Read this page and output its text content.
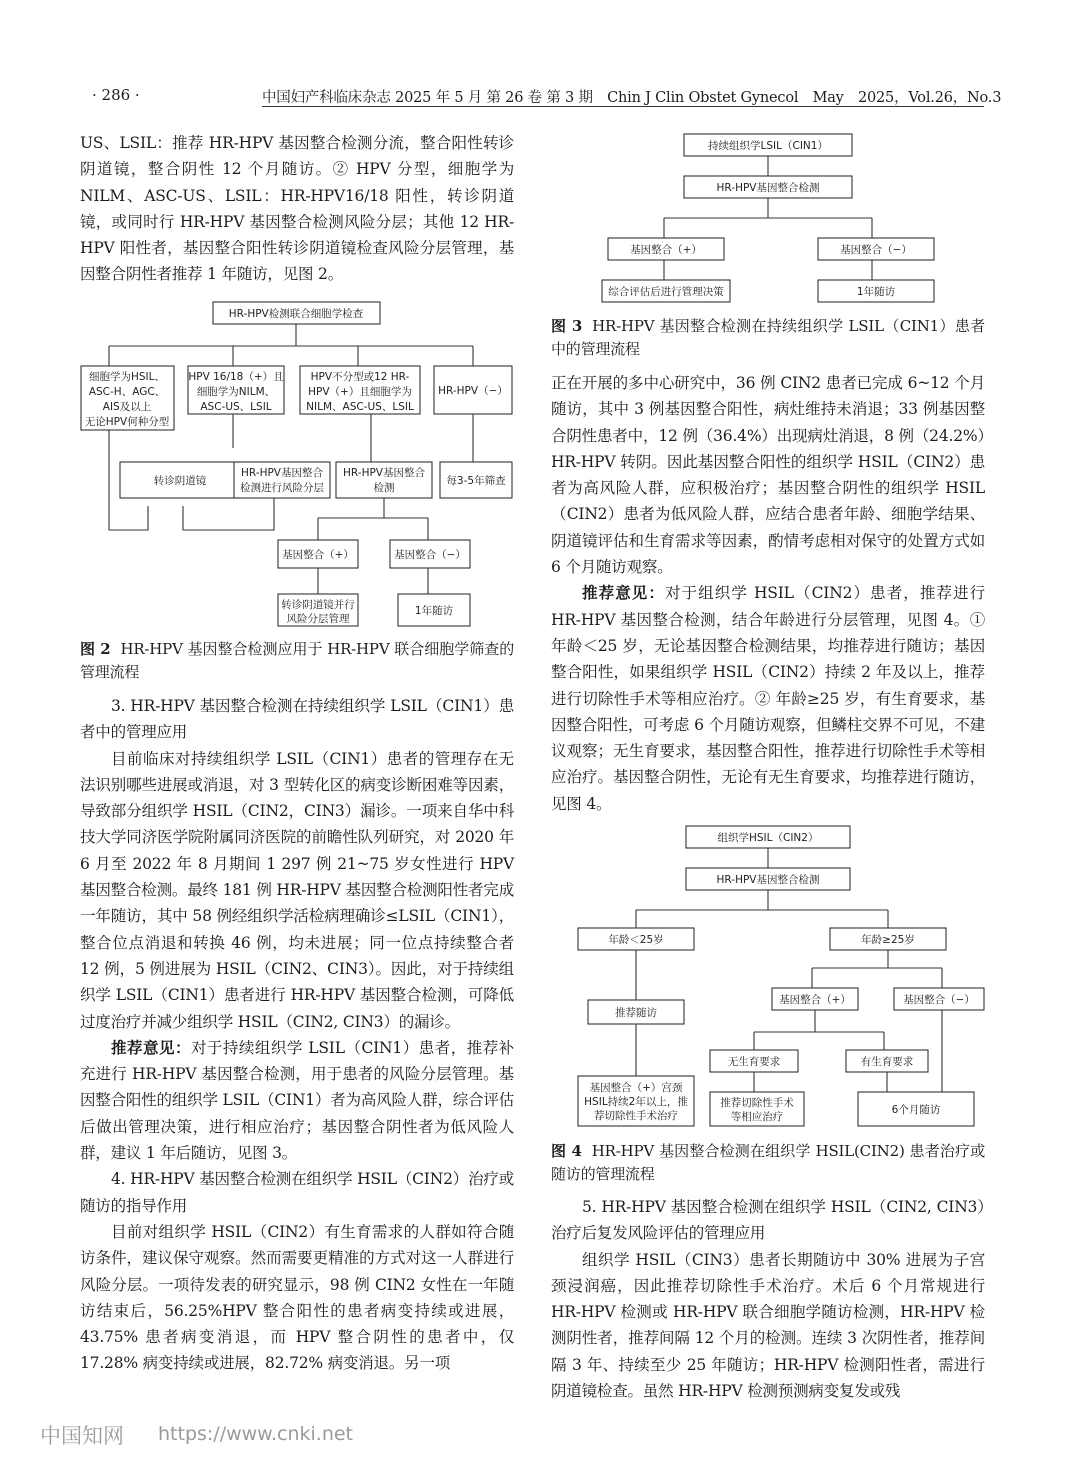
· 286 ·	中国妇产科临床杂志 2025 年 5 月 第 26 卷 第 3 期　Chin J Clin Obstet Gynecol　May　2025，Vol.26，No.3

US、LSIL：推荐 HR-HPV 基因整合检测分流，整合阳性转诊阴道镜，整合阴性 12 个月随访。② HPV 分型，细胞学为 NILM、ASC-US、LSIL：HR-HPV16/18 阳性，转诊阴道镜，或同时行 HR-HPV 基因整合检测风险分层；其他 12 HR-HPV 阳性者，基因整合阳性转诊阴道镜检查风险分层管理，基因整合阴性者推荐 1 年随访，见图 2。

HR-HPV检测联合细胞学检查
细胞学为HSIL、
ASC-H、AGC、
AIS及以上
无论HPV何种分型
HPV 16/18（+）且
细胞学为NILM、
ASC-US、LSIL
HPV不分型或12 HR-
HPV（+）且细胞学为
NILM、ASC-US、LSIL
HR-HPV（−）
转诊阴道镜
HR-HPV基因整合
检测进行风险分层
HR-HPV基因整合
检测
每3-5年筛查
基因整合（+）	基因整合（−）
转诊阴道镜并行
风险分层管理
1年随访

图 2 HR-HPV 基因整合检测应用于 HR-HPV 联合细胞学筛查的管理流程

3. HR-HPV 基因整合检测在持续组织学 LSIL（CIN1）患者中的管理应用

目前临床对持续组织学 LSIL（CIN1）患者的管理存在无法识别哪些进展或消退，对 3 型转化区的病变诊断困难等因素，导致部分组织学 HSIL（CIN2，CIN3）漏诊。一项来自华中科技大学同济医学院附属同济医院的前瞻性队列研究，对 2020 年 6 月至 2022 年 8 月期间 1 297 例 21~75 岁女性进行 HPV 基因整合检测。最终 181 例 HR-HPV 基因整合检测阳性者完成一年随访，其中 58 例经组织学活检病理确诊≤LSIL（CIN1），整合位点消退和转换 46 例，均未进展；同一位点持续整合者 12 例，5 例进展为 HSIL（CIN2、CIN3）。因此，对于持续组织学 LSIL（CIN1）患者进行 HR-HPV 基因整合检测，可降低过度治疗并减少组织学 HSIL（CIN2, CIN3）的漏诊。

推荐意见：对于持续组织学 LSIL（CIN1）患者，推荐补充进行 HR-HPV 基因整合检测，用于患者的风险分层管理。基因整合阳性的组织学 LSIL（CIN1）者为高风险人群，综合评估后做出管理决策，进行相应治疗；基因整合阴性者为低风险人群，建议 1 年后随访，见图 3。

4. HR-HPV 基因整合检测在组织学 HSIL（CIN2）治疗或随访的指导作用

目前对组织学 HSIL（CIN2）有生育需求的人群如符合随访条件，建议保守观察。然而需要更精准的方式对这一人群进行风险分层。一项待发表的研究显示，98 例 CIN2 女性在一年随访结束后，56.25%HPV 整合阳性的患者病变持续或进展，43.75% 患者病变消退，而 HPV 整合阴性的患者中，仅 17.28% 病变持续或进展，82.72% 病变消退。另一项

持续组织学LSIL（CIN1）
HR-HPV基因整合检测
基因整合（+）	基因整合（−）
综合评估后进行管理决策	1年随访

图 3 HR-HPV 基因整合检测在持续组织学 LSIL（CIN1）患者中的管理流程

正在开展的多中心研究中，36 例 CIN2 患者已完成 6~12 个月随访，其中 3 例基因整合阳性，病灶维持未消退；33 例基因整合阴性患者中，12 例（36.4%）出现病灶消退，8 例（24.2%）HR-HPV 转阴。因此基因整合阳性的组织学 HSIL（CIN2）患者为高风险人群，应积极治疗；基因整合阴性的组织学 HSIL（CIN2）患者为低风险人群，应结合患者年龄、细胞学结果、阴道镜评估和生育需求等因素，酌情考虑相对保守的处置方式如 6 个月随访观察。

推荐意见：对于组织学 HSIL（CIN2）患者，推荐进行 HR-HPV 基因整合检测，结合年龄进行分层管理，见图 4。① 年龄＜25 岁，无论基因整合检测结果，均推荐进行随访；基因整合阳性，如果组织学 HSIL（CIN2）持续 2 年及以上，推荐进行切除性手术等相应治疗。② 年龄≥25 岁，有生育要求，基因整合阳性，可考虑 6 个月随访观察，但鳞柱交界不可见，不建议观察；无生育要求，基因整合阳性，推荐进行切除性手术等相应治疗。基因整合阴性，无论有无生育要求，均推荐进行随访，见图 4。

组织学HSIL（CIN2）
HR-HPV基因整合检测
年龄＜25岁	年龄≥25岁
推荐随访
基因整合（+）	基因整合（−）
基因整合（+）宫颈
HSIL持续2年以上，推
荐切除性手术治疗
无生育要求	有生育要求
推荐切除性手术
等相应治疗
6个月随访

图 4 HR-HPV 基因整合检测在组织学 HSIL(CIN2) 患者治疗或随访的管理流程

5. HR-HPV 基因整合检测在组织学 HSIL（CIN2, CIN3）治疗后复发风险评估的管理应用

组织学 HSIL（CIN3）患者长期随访中 30% 进展为子宫颈浸润癌，因此推荐切除性手术治疗。术后 6 个月常规进行 HR-HPV 检测或 HR-HPV 联合细胞学随访检测，HR-HPV 检测阴性者，推荐间隔 12 个月的检测。连续 3 次阴性者，推荐间隔 3 年、持续至少 25 年随访；HR-HPV 检测阳性者，需进行阴道镜检查。虽然 HR-HPV 检测预测病变复发或残

中国知网 https://www.cnki.net
